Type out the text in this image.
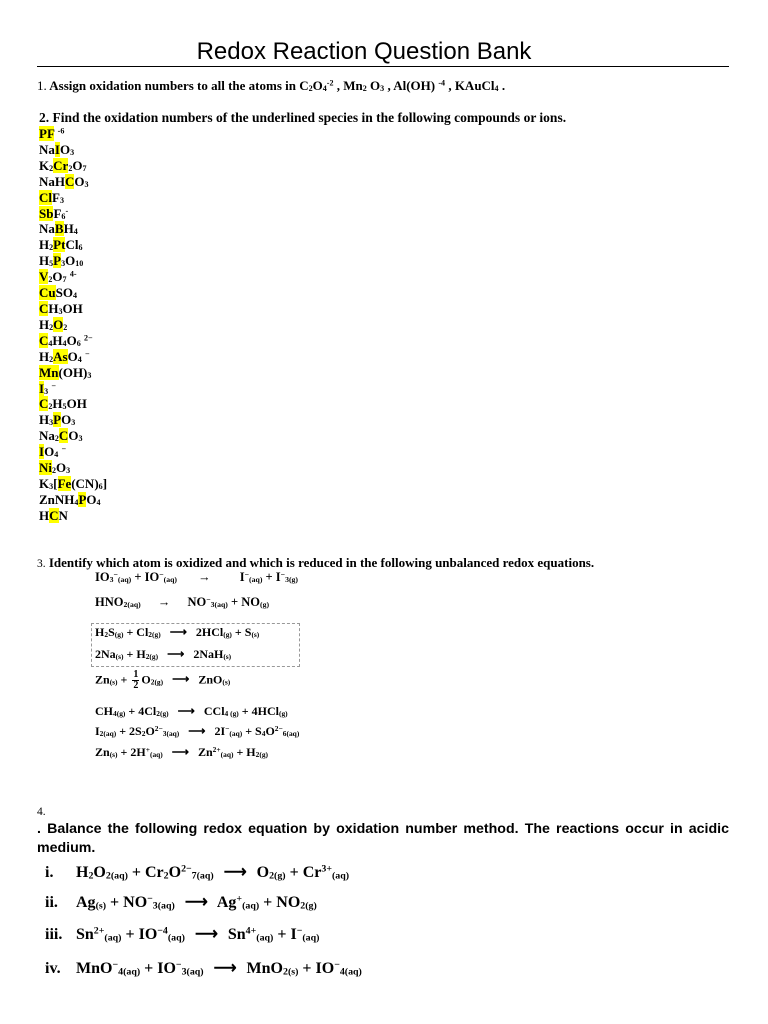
Redox Reaction Question Bank
1. Assign oxidation numbers to all the atoms in $C_2O_4^{-2}$ , $Mn_2$ $O_3$ , Al(OH) $^{-4}$ , KAuCl$_4$ .
2. Find the oxidation numbers of the underlined species in the following compounds or ions.
PF $^{-6}$
NaIO$_3$
$K_2Cr_2O_7$
NaHCO$_3$
ClF$_3$
SbF$_6$-
NaBH$_4$
$H_2PtCl_6$
$H_5P_3O_{10}$
$V_2O_7$ $^{4-}$
CuSO$_4$
$CH_3OH$
$H_2O_2$
$C_4H_4O_6$ $^{2-}$
$H_2AsO_4$ −
$Mn(OH)_3$
$I_3$ −
$C_2H_5OH$
$H_3PO_3$
$Na_2CO_3$
$IO_4$ −
$Ni_2O_3$
$K_3[Fe(CN)_6]$
$ZnNH_4PO_4$
HCN
3. Identify which atom is oxidized and which is reduced in the following unbalanced redox equations.
$IO_3^-_{(aq)} + IO^-_{(aq)} \to I^-_{(aq)} + I^-_{3(g)}$
$HNO_{2(aq)} \to NO^-_{3(aq)} + NO_{(g)}$
$H_2S_{(g)} + Cl_{2(g)}$ ⟶ $2HCl_{(g)} + S_{(s)}$
$2Na_{(s)} + H_{2(g)}$ ⟶ 2NaH$_{(s)}$
$Zn_{(s)} + \frac{1}{2} O_{2(g)}$ ⟶ ZnO$_{(s)}$
$CH_{4(g)} + 4Cl_{2(g)}$ ⟶ CCl$_{4 (g)}$ + 4HCl$_{(g)}$
$I_{2(aq)} + 2S_2O^{2-}_{3(aq)}$ ⟶ $2I^-_{(aq)} + S_4O^{2-}_{6(aq)}$
$Zn_{(s)} + 2H^+_{(aq)}$ ⟶ $Zn^{2+}_{(aq)} + H_{2(g)}$
4.
. Balance the following redox equation by oxidation number method. The reactions occur in acidic medium.
i. $H_2O_{2(aq)} + Cr_2O^{2-}_{7(aq)}$ ⟶ $O_{2(g)} + Cr^{3+}_{(aq)}$
ii. $Ag_{(s)} + NO^-_{3(aq)}$ ⟶ $Ag^+_{(aq)} + NO_{2(g)}$
iii. $Sn^{2+}_{(aq)} + IO^{-4}_{(aq)}$ ⟶ $Sn^{4+}_{(aq)} + I^-_{(aq)}$
iv. $MnO^-_{4(aq)} + IO^-_{3(aq)}$ ⟶ $MnO_{2(s)} + IO^-_{4(aq)}$
